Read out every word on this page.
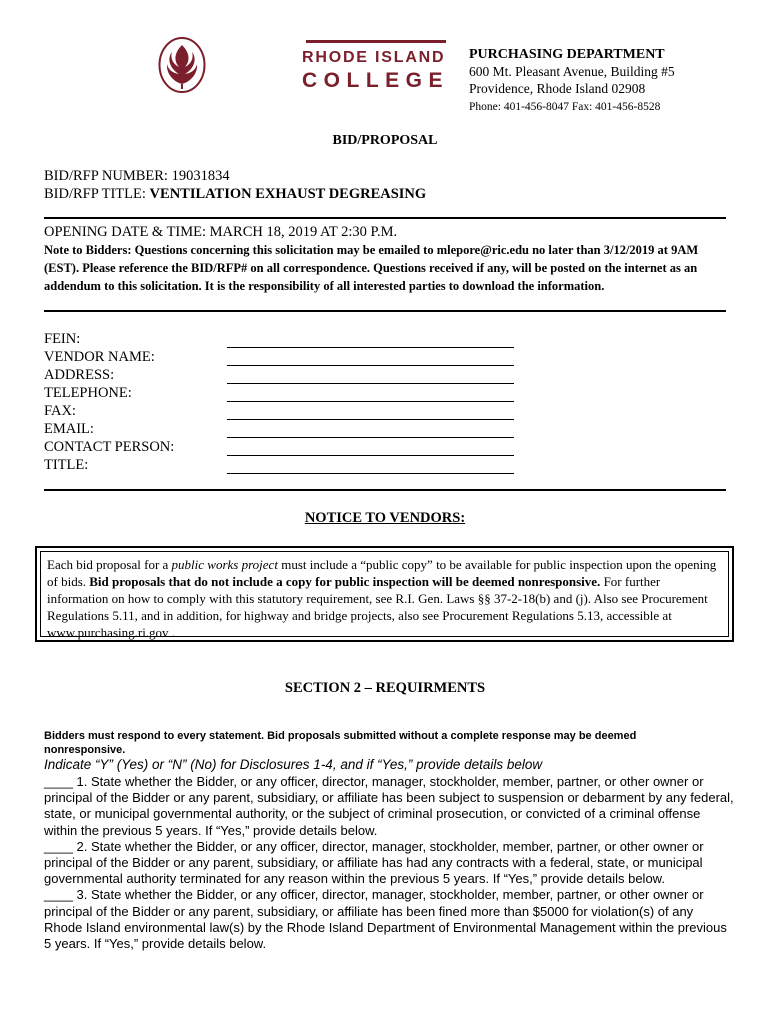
RHODE ISLAND
COLLEGE
PURCHASING DEPARTMENT
600 Mt. Pleasant Avenue, Building #5
Providence, Rhode Island 02908
Phone: 401-456-8047 Fax: 401-456-8528
BID/PROPOSAL
BID/RFP NUMBER: 19031834
BID/RFP TITLE: VENTILATION EXHAUST DEGREASING
OPENING DATE & TIME: MARCH 18, 2019 AT 2:30 P.M.
Note to Bidders: Questions concerning this solicitation may be emailed to mlepore@ric.edu no later than 3/12/2019 at 9AM (EST). Please reference the BID/RFP# on all correspondence. Questions received if any, will be posted on the internet as an addendum to this solicitation. It is the responsibility of all interested parties to download the information.
FEIN:
VENDOR NAME:
ADDRESS:
TELEPHONE:
FAX:
EMAIL:
CONTACT PERSON:
TITLE:
NOTICE TO VENDORS:
Each bid proposal for a public works project must include a “public copy” to be available for public inspection upon the opening of bids. Bid proposals that do not include a copy for public inspection will be deemed nonresponsive. For further information on how to comply with this statutory requirement, see R.I. Gen. Laws §§ 37-2-18(b) and (j). Also see Procurement Regulations 5.11, and in addition, for highway and bridge projects, also see Procurement Regulations 5.13, accessible at www.purchasing.ri.gov .
SECTION 2 – REQUIRMENTS
Bidders must respond to every statement. Bid proposals submitted without a complete response may be deemed nonresponsive.
Indicate “Y” (Yes) or “N” (No) for Disclosures 1-4, and if “Yes,” provide details below

____ 1. State whether the Bidder, or any officer, director, manager, stockholder, member, partner, or other owner or principal of the Bidder or any parent, subsidiary, or affiliate has been subject to suspension or debarment by any federal, state, or municipal governmental authority, or the subject of criminal prosecution, or convicted of a criminal offense within the previous 5 years. If “Yes,” provide details below.

____ 2. State whether the Bidder, or any officer, director, manager, stockholder, member, partner, or other owner or principal of the Bidder or any parent, subsidiary, or affiliate has had any contracts with a federal, state, or municipal governmental authority terminated for any reason within the previous 5 years. If “Yes,” provide details below.

____ 3. State whether the Bidder, or any officer, director, manager, stockholder, member, partner, or other owner or principal of the Bidder or any parent, subsidiary, or affiliate has been fined more than $5000 for violation(s) of any Rhode Island environmental law(s) by the Rhode Island Department of Environmental Management within the previous 5 years. If “Yes,” provide details below.
